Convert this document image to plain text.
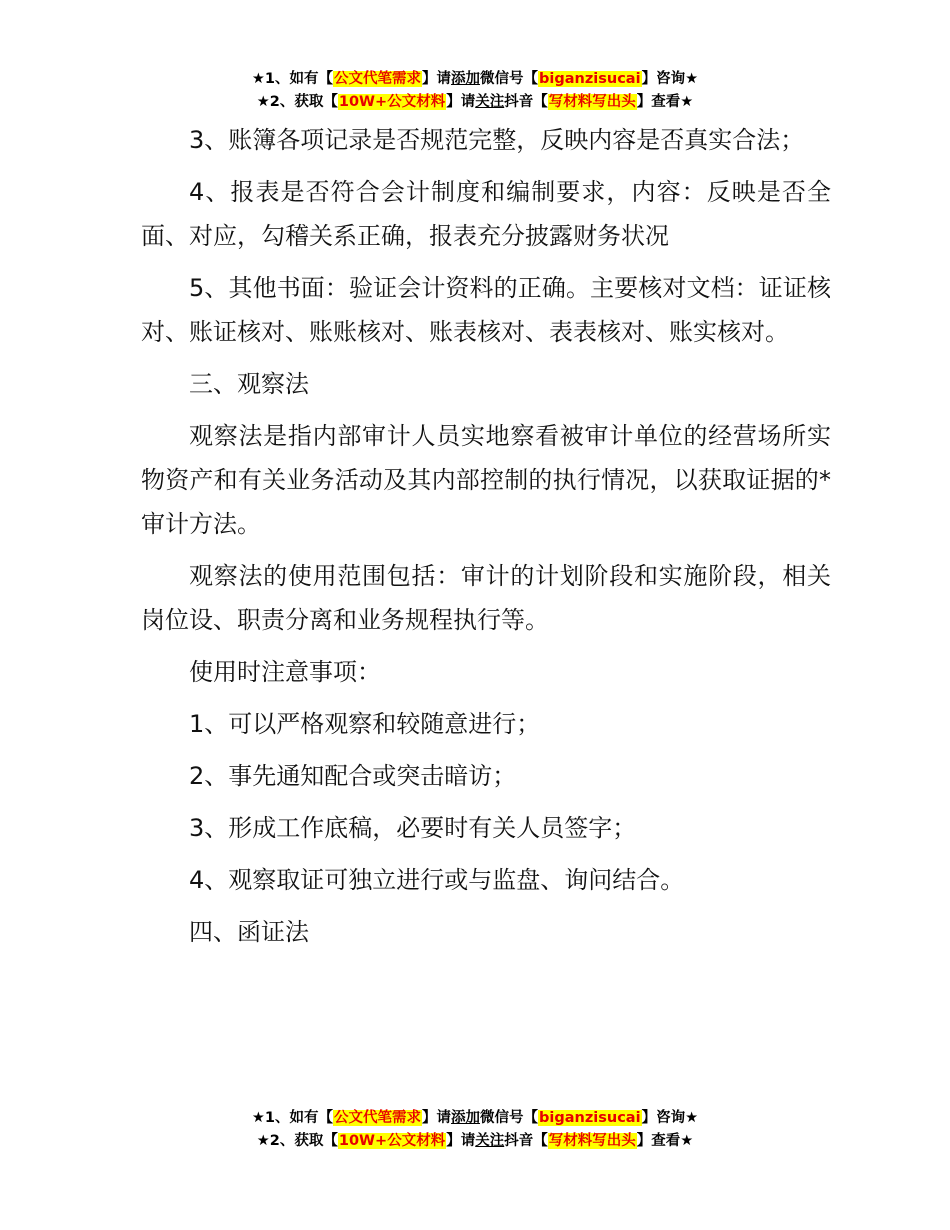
★1、如有【公文代笔需求】请添加微信号【biganzisucai】咨询★
★2、获取【10W+公文材料】请关注抖音【写材料写出头】查看★

3、账簿各项记录是否规范完整，反映内容是否真实合法；

4、报表是否符合会计制度和编制要求，内容：反映是否全面、对应，勾稽关系正确，报表充分披露财务状况

5、其他书面：验证会计资料的正确。主要核对文档：证证核对、账证核对、账账核对、账表核对、表表核对、账实核对。

三、观察法

观察法是指内部审计人员实地察看被审计单位的经营场所实物资产和有关业务活动及其内部控制的执行情况，以获取证据的*审计方法。

观察法的使用范围包括：审计的计划阶段和实施阶段，相关岗位设、职责分离和业务规程执行等。

使用时注意事项：

1、可以严格观察和较随意进行；

2、事先通知配合或突击暗访；

3、形成工作底稿，必要时有关人员签字；

4、观察取证可独立进行或与监盘、询问结合。

四、函证法

★1、如有【公文代笔需求】请添加微信号【biganzisucai】咨询★
★2、获取【10W+公文材料】请关注抖音【写材料写出头】查看★
